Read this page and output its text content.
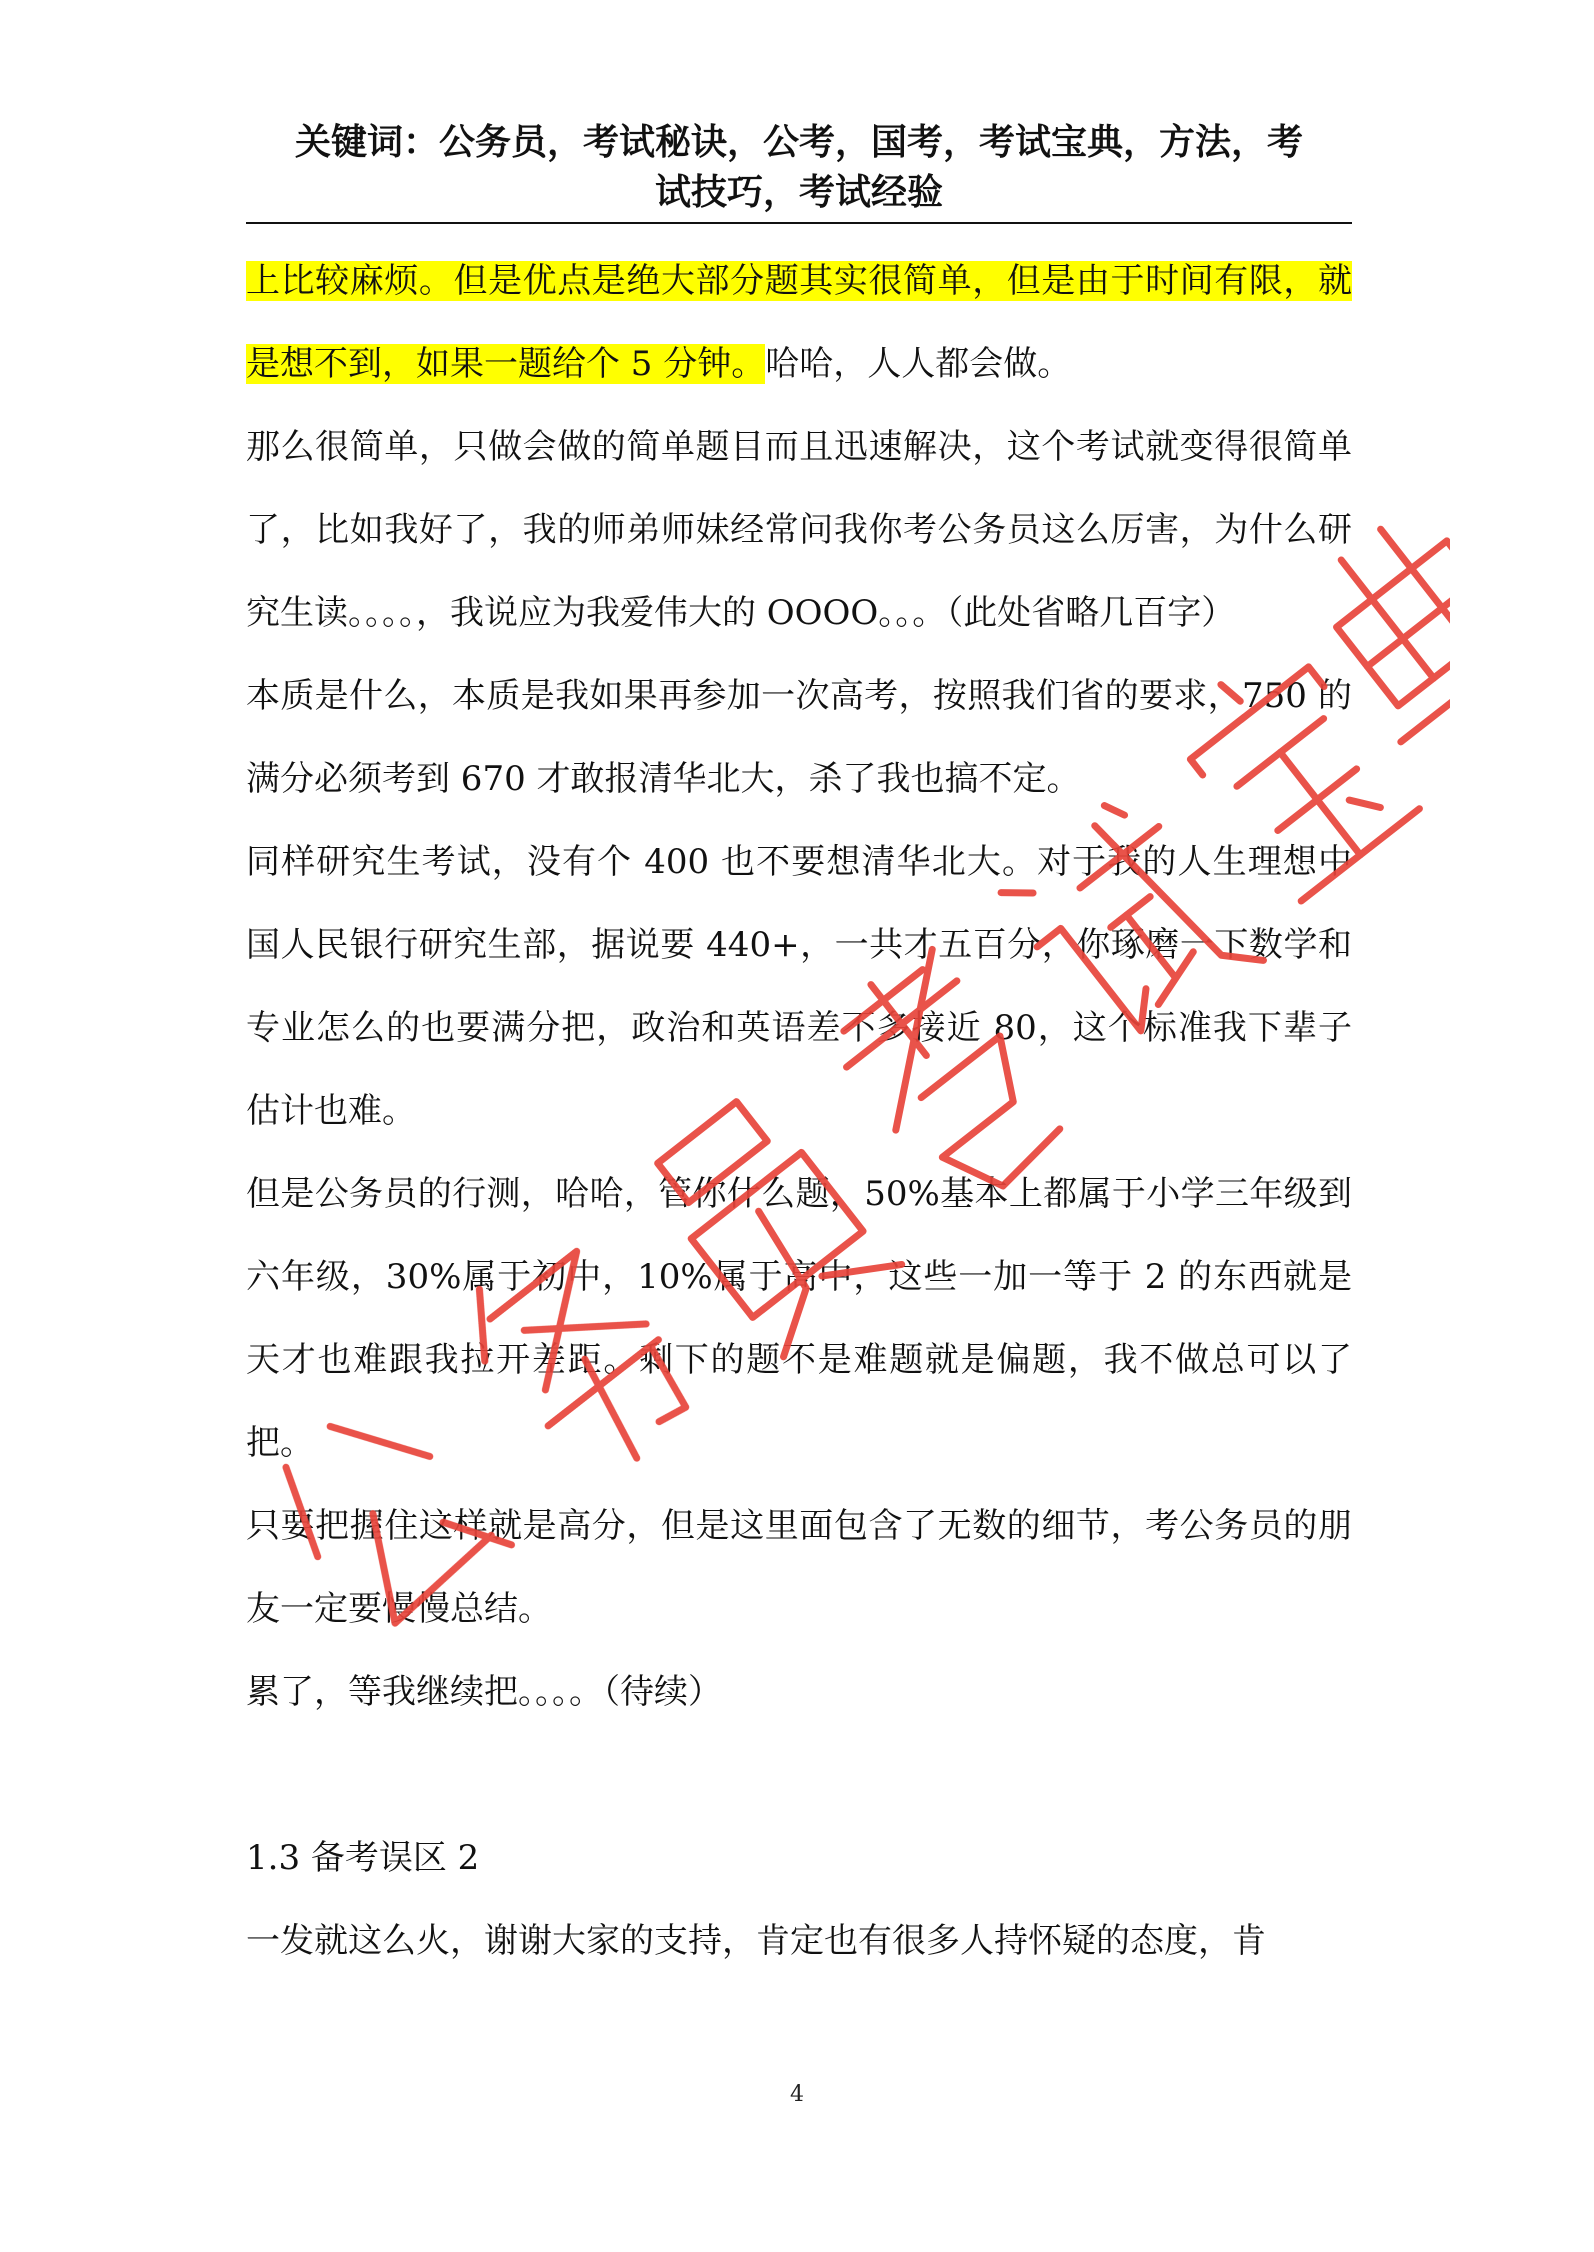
关键词：公务员，考试秘诀，公考，国考，考试宝典，方法，考
试技巧，考试经验

上比较麻烦。但是优点是绝大部分题其实很简单，但是由于时间有限，就是想不到，如果一题给个 5 分钟。哈哈，人人都会做。

那么很简单，只做会做的简单题目而且迅速解决，这个考试就变得很简单了，比如我好了，我的师弟师妹经常问我你考公务员这么厉害，为什么研究生读。。。。，我说应为我爱伟大的 OOOO。。。（此处省略几百字）

本质是什么，本质是我如果再参加一次高考，按照我们省的要求，750 的满分必须考到 670 才敢报清华北大，杀了我也搞不定。

同样研究生考试，没有个 400 也不要想清华北大。对于我的人生理想中国人民银行研究生部，据说要 440+，一共才五百分，你琢磨一下数学和专业怎么的也要满分把，政治和英语差不多接近 80，这个标准我下辈子估计也难。

但是公务员的行测，哈哈，管你什么题，50%基本上都属于小学三年级到六年级，30%属于初中，10%属于高中，这些一加一等于 2 的东西就是天才也难跟我拉开差距。剩下的题不是难题就是偏题，我不做总可以了把。

只要把握住这样就是高分，但是这里面包含了无数的细节，考公务员的朋友一定要慢慢总结。

累了，等我继续把。。。。（待续）

1.3 备考误区 2

一发就这么火，谢谢大家的支持，肯定也有很多人持怀疑的态度，肯

4
